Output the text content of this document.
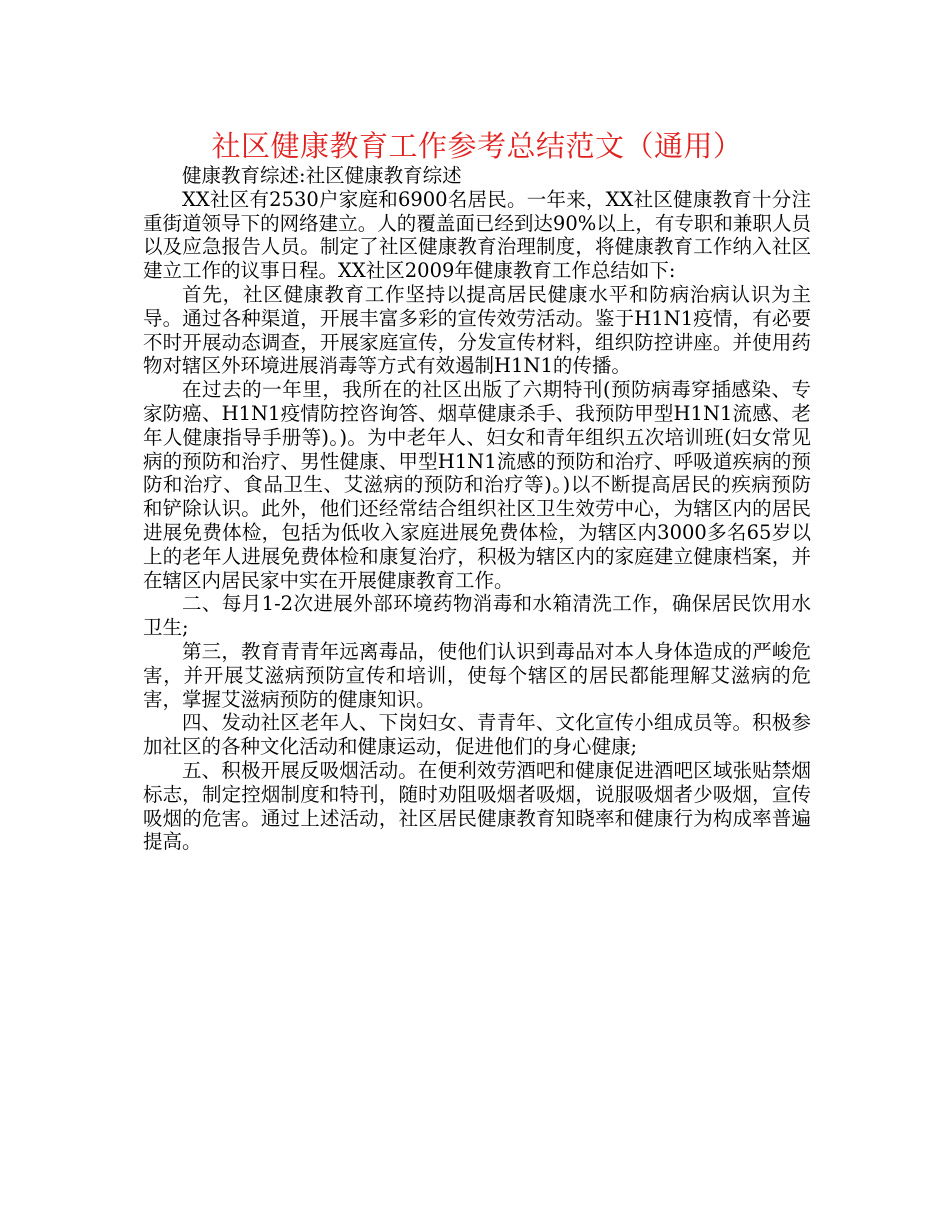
社区健康教育工作参考总结范文（通用）

健康教育综述:社区健康教育综述

XX社区有2530户家庭和6900名居民。一年来，XX社区健康教育十分注重街道领导下的网络建立。人的覆盖面已经到达90%以上，有专职和兼职人员以及应急报告人员。制定了社区健康教育治理制度，将健康教育工作纳入社区建立工作的议事日程。XX社区2009年健康教育工作总结如下:

首先，社区健康教育工作坚持以提高居民健康水平和防病治病认识为主导。通过各种渠道，开展丰富多彩的宣传效劳活动。鉴于H1N1疫情，有必要不时开展动态调查，开展家庭宣传，分发宣传材料，组织防控讲座。并使用药物对辖区外环境进展消毒等方式有效遏制H1N1的传播。

在过去的一年里，我所在的社区出版了六期特刊(预防病毒穿插感染、专家防癌、H1N1疫情防控咨询答、烟草健康杀手、我预防甲型H1N1流感、老年人健康指导手册等)。)。为中老年人、妇女和青年组织五次培训班(妇女常见病的预防和治疗、男性健康、甲型H1N1流感的预防和治疗、呼吸道疾病的预防和治疗、食品卫生、艾滋病的预防和治疗等)。)以不断提高居民的疾病预防和铲除认识。此外，他们还经常结合组织社区卫生效劳中心，为辖区内的居民进展免费体检，包括为低收入家庭进展免费体检，为辖区内3000多名65岁以上的老年人进展免费体检和康复治疗，积极为辖区内的家庭建立健康档案，并在辖区内居民家中实在开展健康教育工作。

二、每月1-2次进展外部环境药物消毒和水箱清洗工作，确保居民饮用水卫生;

第三，教育青青年远离毒品，使他们认识到毒品对本人身体造成的严峻危害，并开展艾滋病预防宣传和培训，使每个辖区的居民都能理解艾滋病的危害，掌握艾滋病预防的健康知识。

四、发动社区老年人、下岗妇女、青青年、文化宣传小组成员等。积极参加社区的各种文化活动和健康运动，促进他们的身心健康;

五、积极开展反吸烟活动。在便利效劳酒吧和健康促进酒吧区域张贴禁烟标志，制定控烟制度和特刊，随时劝阻吸烟者吸烟，说服吸烟者少吸烟，宣传吸烟的危害。通过上述活动，社区居民健康教育知晓率和健康行为构成率普遍提高。
